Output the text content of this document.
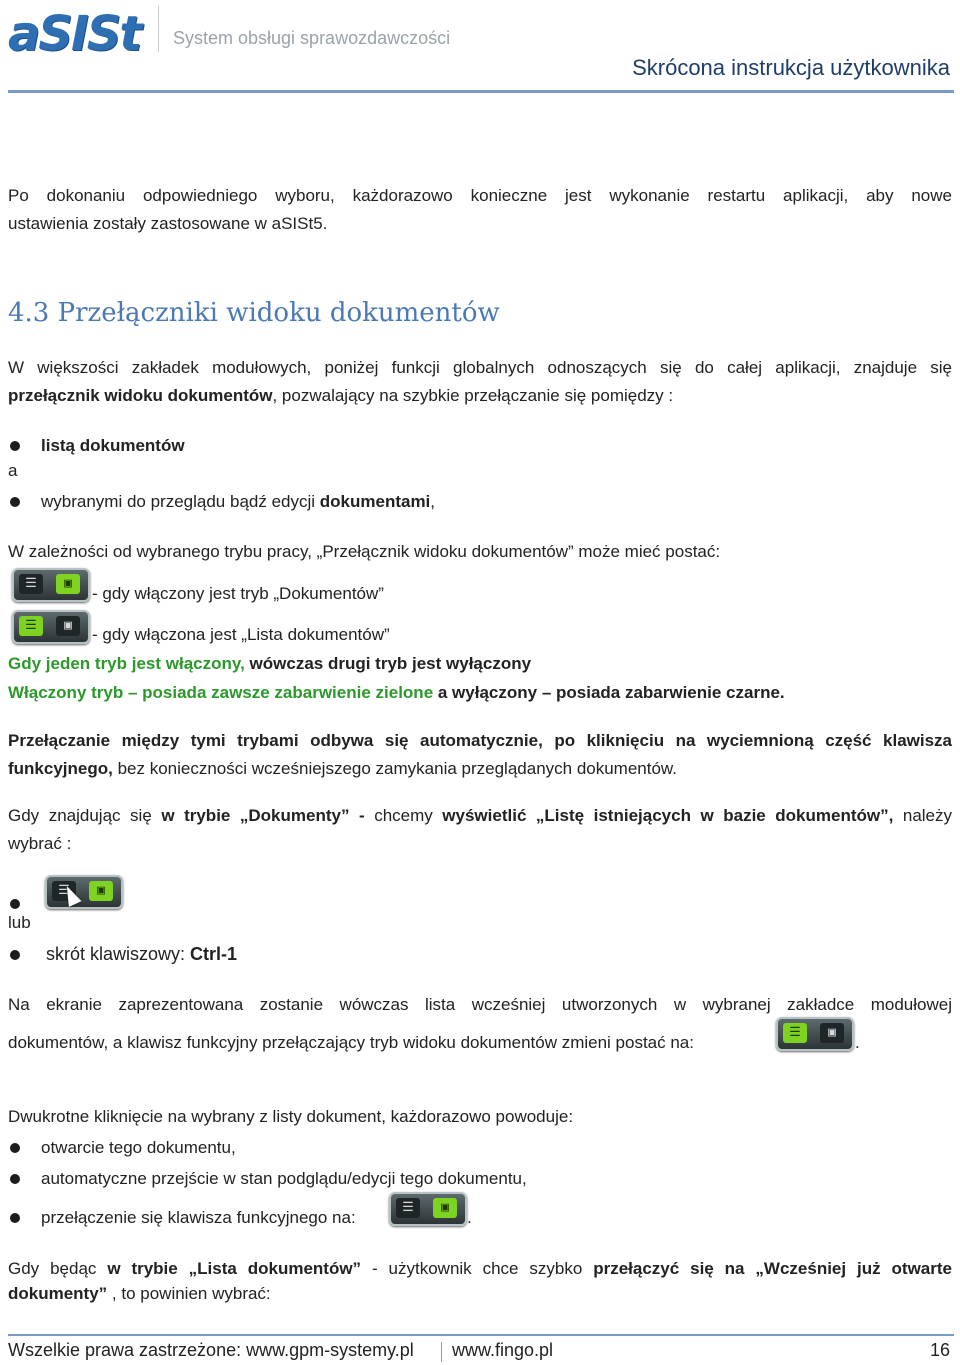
aSISt System obsługi sprawozdawczości
Skrócona instrukcja użytkownika

Po dokonaniu odpowiedniego wyboru, każdorazowo konieczne jest wykonanie restartu aplikacji, aby nowe

ustawienia zostały zastosowane w aSISt5.

4.3 Przełączniki widoku dokumentów

W większości zakładek modułowych, poniżej funkcji globalnych odnoszących się do całej aplikacji, znajduje się

przełącznik widoku dokumentów, pozwalający na szybkie przełączanie się pomiędzy :

listą dokumentów

a

wybranymi do przeglądu bądź edycji dokumentami,

W zależności od wybranego trybu pracy, „Przełącznik widoku dokumentów” może mieć postać:

☰	▣

- gdy włączony jest tryb „Dokumentów”

☰	▣	- gdy włączona jest „Lista dokumentów”

Gdy jeden tryb jest włączony, wówczas drugi tryb jest wyłączony

Włączony tryb – posiada zawsze zabarwienie zielone a wyłączony – posiada zabarwienie czarne.

Przełączanie między tymi trybami odbywa się automatycznie, po kliknięciu na wyciemnioną część klawisza

funkcyjnego, bez konieczności wcześniejszego zamykania przeglądanych dokumentów.

Gdy znajdując się w trybie „Dokumenty” - chcemy wyświetlić „Listę istniejących w bazie dokumentów”, należy

wybrać :

☰	▣

lub

skrót klawiszowy: Ctrl-1

Na ekranie zaprezentowana zostanie wówczas lista wcześniej utworzonych w wybranej zakładce modułowej

dokumentów, a klawisz funkcyjny przełączający tryb widoku dokumentów zmieni postać na:

☰	▣

.

Dwukrotne kliknięcie na wybrany z listy dokument, każdorazowo powoduje:

otwarcie tego dokumentu,

automatyczne przejście w stan podglądu/edycji tego dokumentu,

przełączenie się klawisza funkcyjnego na:

☰	▣

.

Gdy będąc w trybie „Lista dokumentów” - użytkownik chce szybko przełączyć się na „Wcześniej już otwarte

dokumenty” , to powinien wybrać:

Wszelkie prawa zastrzeżone: www.gpm-systemy.pl www.fingo.pl	16
